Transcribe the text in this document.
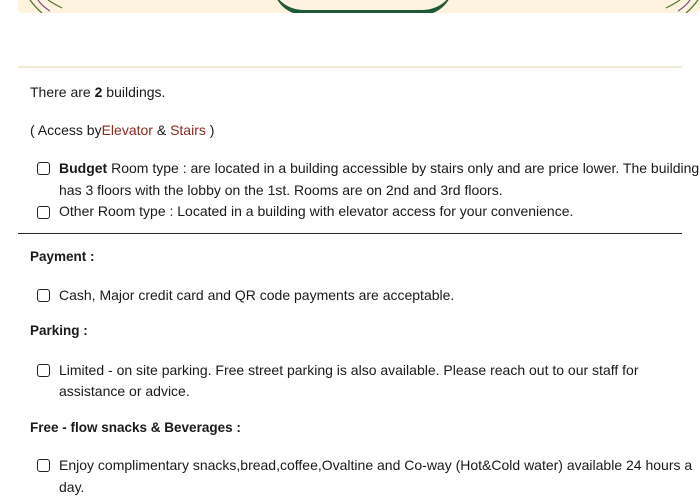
There are 2 buildings.
( Access byElevator & Stairs )
Budget Room type : are located in a building accessible by stairs only and are price lower. The building
has 3 floors with the lobby on the 1st. Rooms are on 2nd and 3rd floors.
Other Room type : Located in a building with elevator access for your convenience.
Payment :
Cash, Major credit card and QR code payments are acceptable.
Parking :
Limited - on site parking. Free street parking is also available. Please reach out to our staff for
assistance or advice.
Free - flow snacks & Beverages :
Enjoy complimentary snacks,bread,coffee,Ovaltine and Co-way (Hot&Cold water) available 24 hours a
day.
